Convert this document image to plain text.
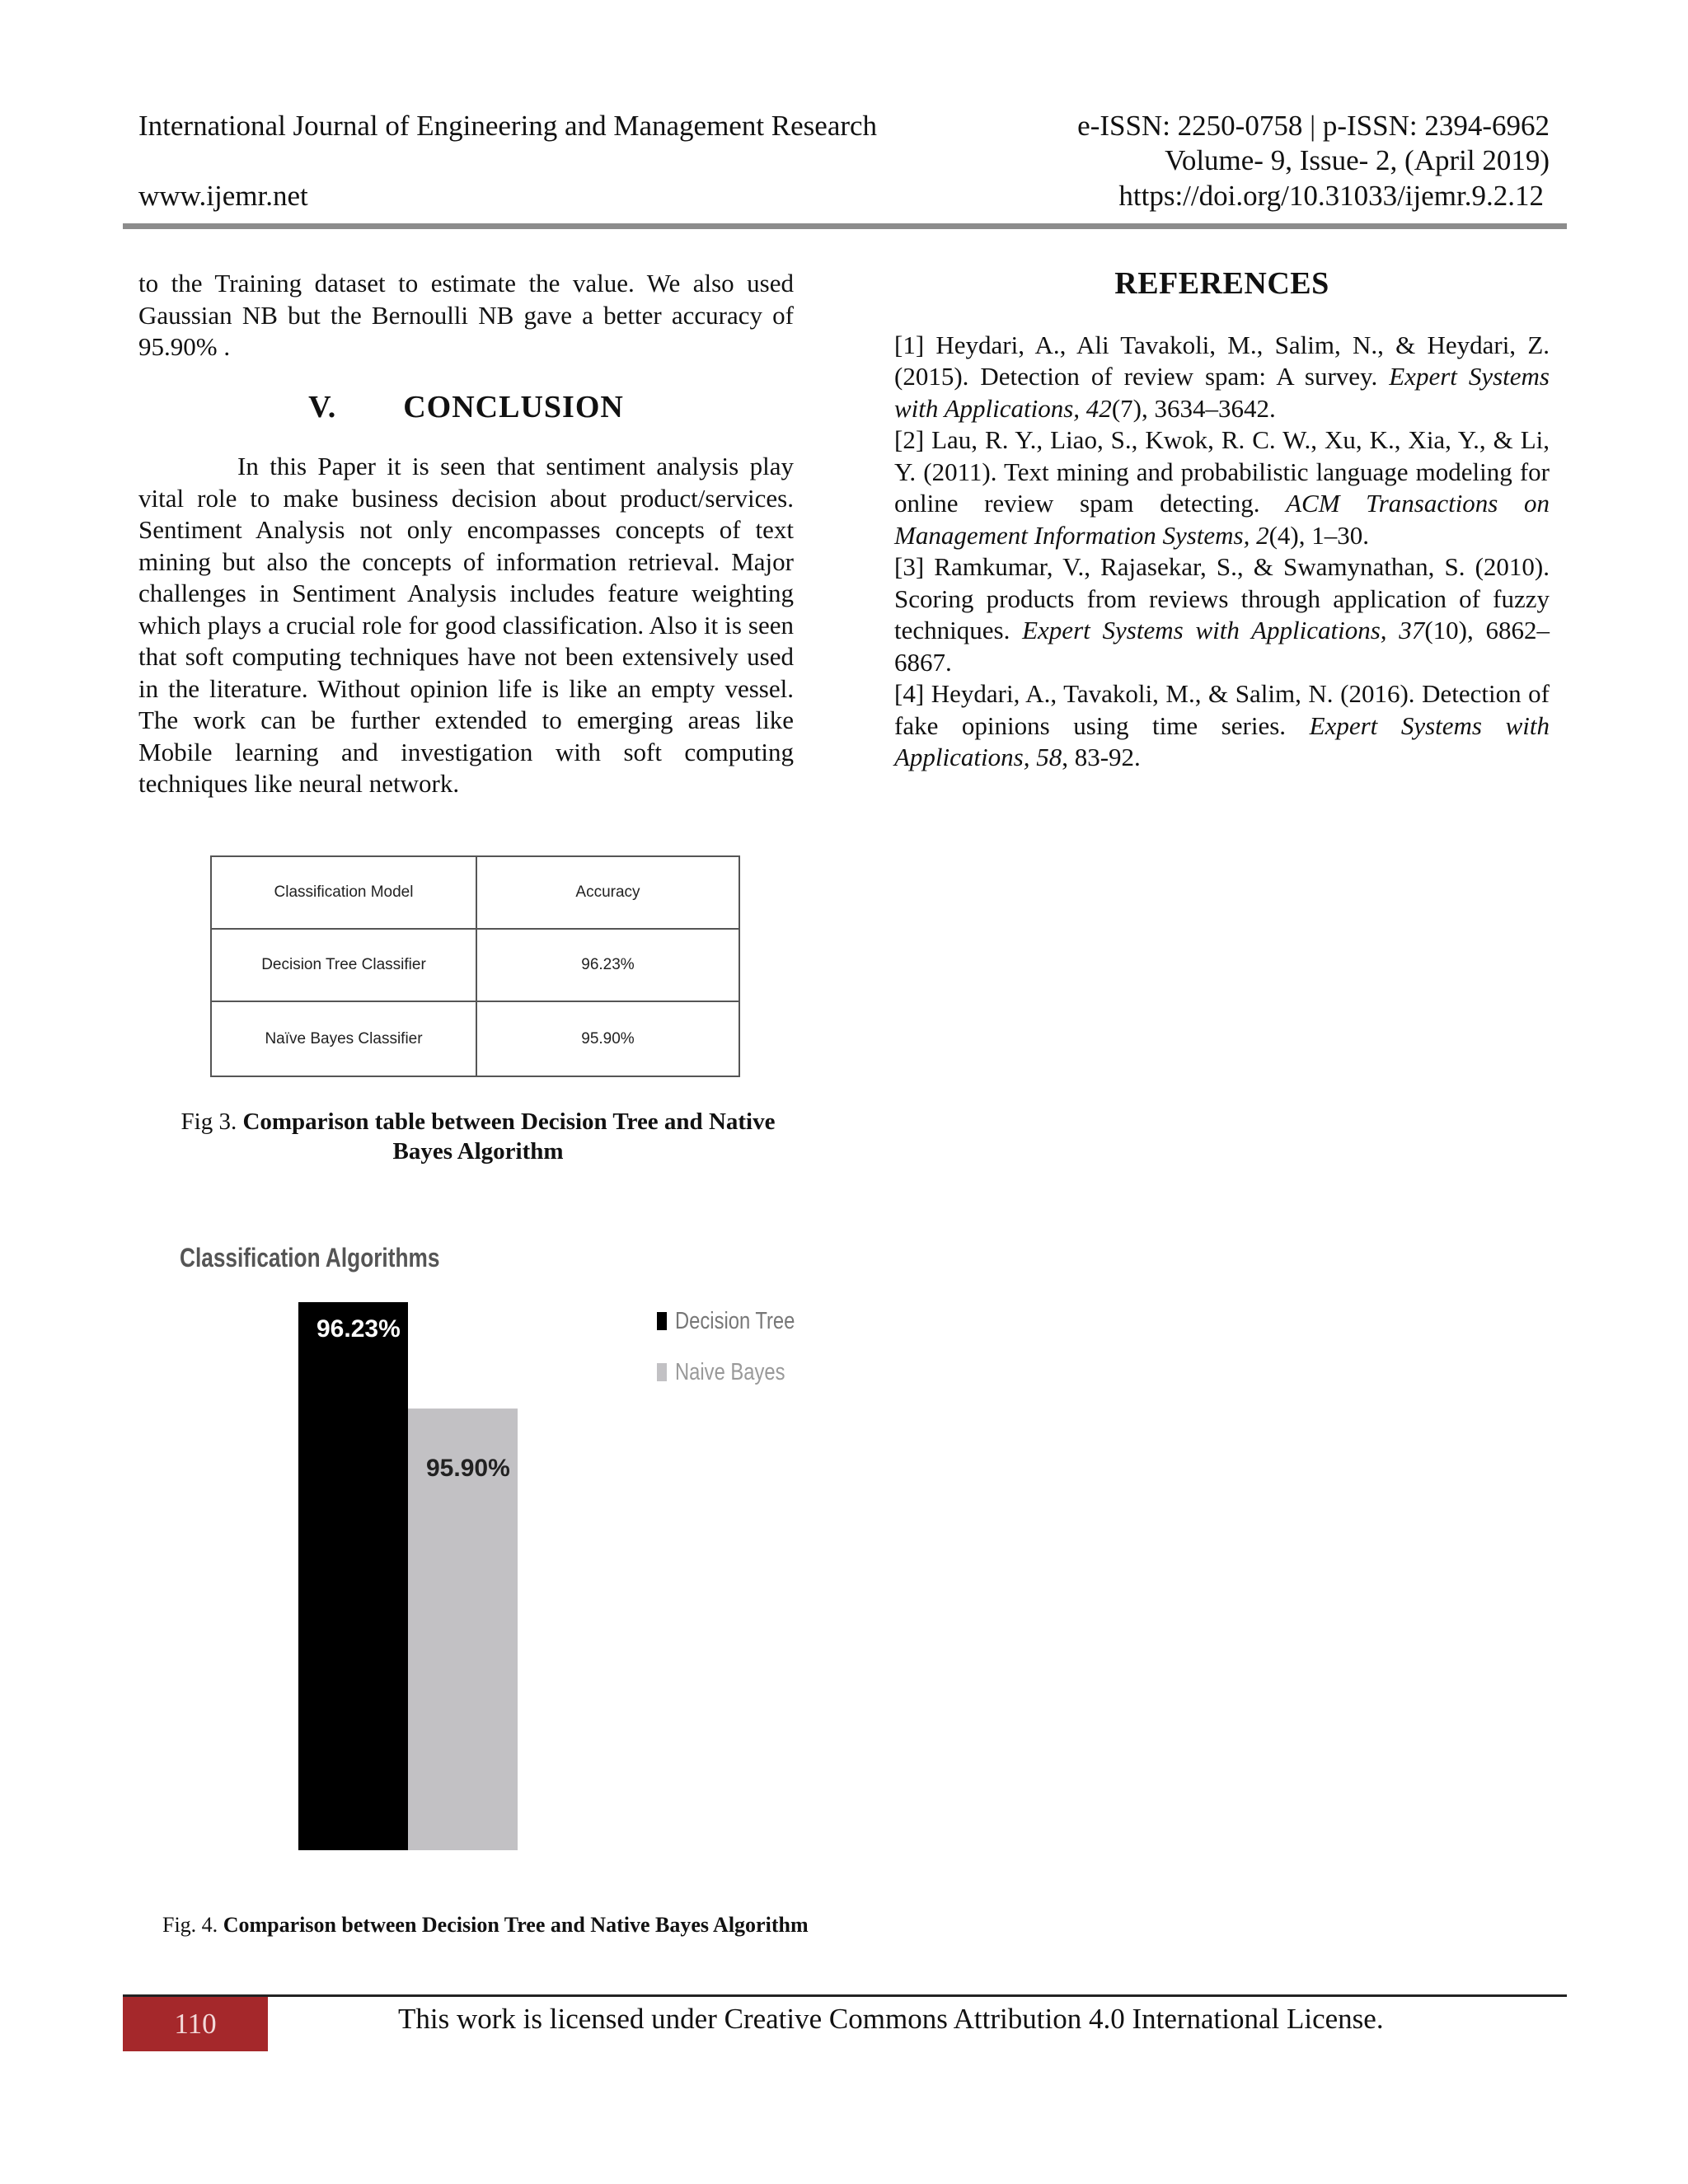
International Journal of Engineering and Management Research	e-ISSN: 2250-0758 | p-ISSN: 2394-6962
Volume- 9, Issue- 2, (April 2019)
www.ijemr.net	https://doi.org/10.31033/ijemr.9.2.12

to the Training dataset to estimate the value. We also used Gaussian NB but the Bernoulli NB gave a better accuracy of 95.90% .

V. CONCLUSION

In this Paper it is seen that sentiment analysis play vital role to make business decision about product/services. Sentiment Analysis not only encompasses concepts of text mining but also the concepts of information retrieval. Major challenges in Sentiment Analysis includes feature weighting which plays a crucial role for good classification. Also it is seen that soft computing techniques have not been extensively used in the literature. Without opinion life is like an empty vessel. The work can be further extended to emerging areas like Mobile learning and investigation with soft computing techniques like neural network.

Classification Model	Accuracy
Decision Tree Classifier	96.23%
Naïve Bayes Classifier	95.90%
Fig 3. Comparison table between Decision Tree and Native Bayes Algorithm
Classification Algorithms
96.23%
95.90%
Decision Tree
Naive Bayes
Fig. 4. Comparison between Decision Tree and Native Bayes Algorithm
REFERENCES

[1] Heydari, A., Ali Tavakoli, M., Salim, N., & Heydari, Z. (2015). Detection of review spam: A survey. Expert Systems with Applications, 42(7), 3634–3642.

[2] Lau, R. Y., Liao, S., Kwok, R. C. W., Xu, K., Xia, Y., & Li, Y. (2011). Text mining and probabilistic language modeling for online review spam detecting. ACM Transactions on Management Information Systems, 2(4), 1–30.

[3] Ramkumar, V., Rajasekar, S., & Swamynathan, S. (2010). Scoring products from reviews through application of fuzzy techniques. Expert Systems with Applications, 37(10), 6862–6867.

[4] Heydari, A., Tavakoli, M., & Salim, N. (2016). Detection of fake opinions using time series. Expert Systems with Applications, 58, 83-92.

110	This work is licensed under Creative Commons Attribution 4.0 International License.
